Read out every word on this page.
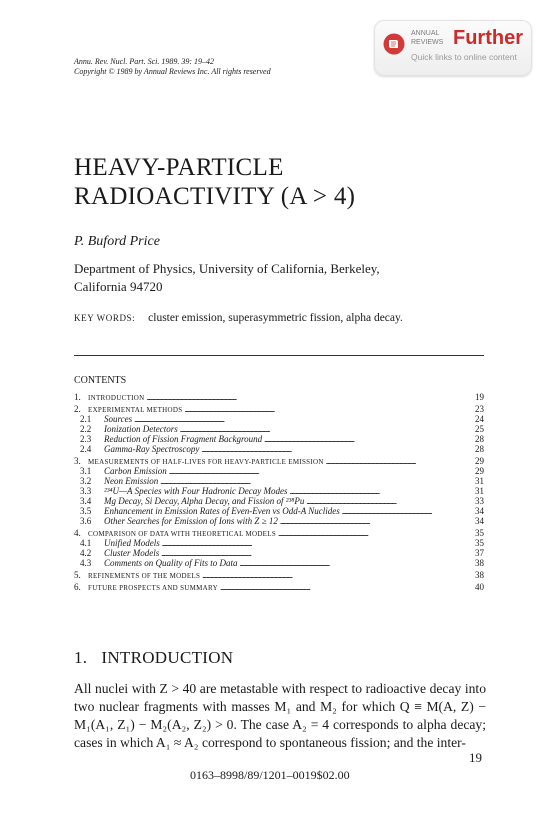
Annu. Rev. Nucl. Part. Sci. 1989. 39: 19–42
Copyright © 1989 by Annual Reviews Inc. All rights reserved
ANNUAL
REVIEWS Further
Quick links to online content
HEAVY-PARTICLE
RADIOACTIVITY (A > 4)
P. Buford Price
Department of Physics, University of California, Berkeley,
California 94720
KEY WORDS: cluster emission, superasymmetric fission, alpha decay.
CONTENTS
1.	INTRODUCTION . . .	19
2.	EXPERIMENTAL METHODS . . .	23
2.1	Sources . . .	24
2.2	Ionization Detectors . . .	25
2.3	Reduction of Fission Fragment Background . . .	28
2.4	Gamma-Ray Spectroscopy . . .	28
3.	MEASUREMENTS OF HALF-LIVES FOR HEAVY-PARTICLE EMISSION . . .	29
3.1	Carbon Emission . . .	29
3.2	Neon Emission . . .	31
3.3	²³⁴U—A Species with Four Hadronic Decay Modes . . .	31
3.4	Mg Decay, Si Decay, Alpha Decay, and Fission of ²³⁸Pu . . .	33
3.5	Enhancement in Emission Rates of Even-Even vs Odd-A Nuclides . . .	34
3.6	Other Searches for Emission of Ions with Z ≥ 12 . . .	34
4.	COMPARISON OF DATA WITH THEORETICAL MODELS . . .	35
4.1	Unified Models . . .	35
4.2	Cluster Models . . .	37
4.3	Comments on Quality of Fits to Data . . .	38
5.	REFINEMENTS OF THE MODELS . . .	38
6.	FUTURE PROSPECTS AND SUMMARY . . .	40
1. INTRODUCTION

All nuclei with Z > 40 are metastable with respect to radioactive decay into two nuclear fragments with masses M₁ and M₂ for which Q ≡ M(A, Z) − M₁(A₁, Z₁) − M₂(A₂, Z₂) > 0. The case A₂ = 4 corresponds to alpha decay; cases in which A₁ ≈ A₂ correspond to spontaneous fission; and the inter-

19
0163–8998/89/1201–0019$02.00
